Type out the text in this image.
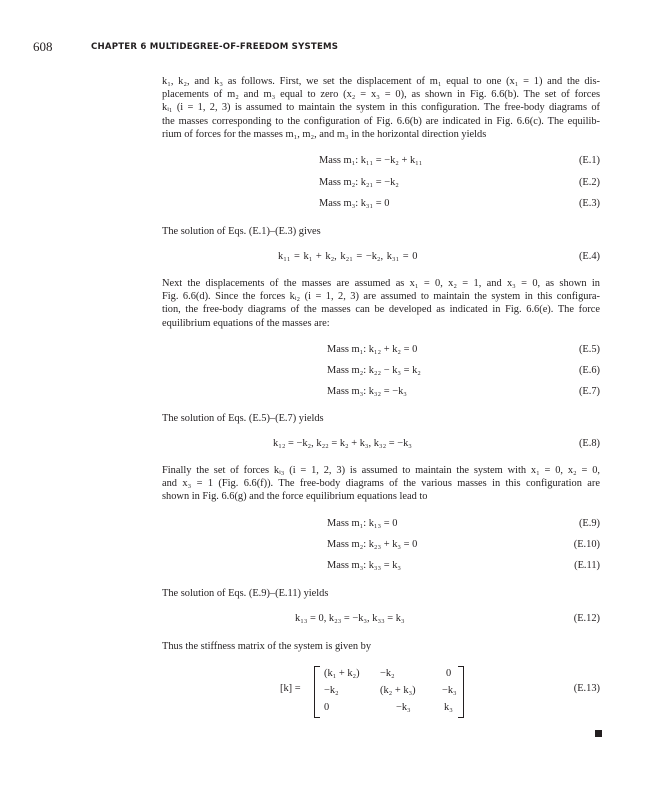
608	CHAPTER 6 MULTIDEGREE-OF-FREEDOM SYSTEMS
k₁, k₂, and k₃ as follows. First, we set the displacement of m₁ equal to one (x₁ = 1) and the dis-
placements of m₂ and m₃ equal to zero (x₂ = x₃ = 0), as shown in Fig. 6.6(b). The set of forces
kᵢ₁ (i = 1, 2, 3) is assumed to maintain the system in this configuration. The free-body diagrams of
the masses corresponding to the configuration of Fig. 6.6(b) are indicated in Fig. 6.6(c). The equilib-
rium of forces for the masses m₁, m₂, and m₃ in the horizontal direction yields
Mass m₁: k₁₁ = −k₂ + k₁₁	(E.1)
Mass m₂: k₂₁ = −k₂	(E.2)
Mass m₃: k₃₁ = 0	(E.3)
The solution of Eqs. (E.1)–(E.3) gives
k₁₁ = k₁ + k₂, k₂₁ = −k₂, k₃₁ = 0	(E.4)
Next the displacements of the masses are assumed as x₁ = 0, x₂ = 1, and x₃ = 0, as shown in
Fig. 6.6(d). Since the forces kᵢ₂ (i = 1, 2, 3) are assumed to maintain the system in this configura-
tion, the free-body diagrams of the masses can be developed as indicated in Fig. 6.6(e). The force
equilibrium equations of the masses are:
Mass m₁: k₁₂ + k₂ = 0	(E.5)
Mass m₂: k₂₂ − k₃ = k₂	(E.6)
Mass m₃: k₃₂ = −k₃	(E.7)
The solution of Eqs. (E.5)–(E.7) yields
k₁₂ = −k₂, k₂₂ = k₂ + k₃, k₃₂ = −k₃	(E.8)
Finally the set of forces kᵢ₃ (i = 1, 2, 3) is assumed to maintain the system with x₁ = 0, x₂ = 0,
and x₃ = 1 (Fig. 6.6(f)). The free-body diagrams of the various masses in this configuration are
shown in Fig. 6.6(g) and the force equilibrium equations lead to
Mass m₁: k₁₃ = 0	(E.9)
Mass m₂: k₂₃ + k₃ = 0	(E.10)
Mass m₃: k₃₃ = k₃	(E.11)
The solution of Eqs. (E.9)–(E.11) yields
k₁₃ = 0, k₂₃ = −k₃, k₃₃ = k₃	(E.12)
Thus the stiffness matrix of the system is given by
[k] =
(k₁ + k₂) −k₂	0
−k₂	(k₂ + k₃)	−k₃
0	−k₃	k₃
(E.13)
